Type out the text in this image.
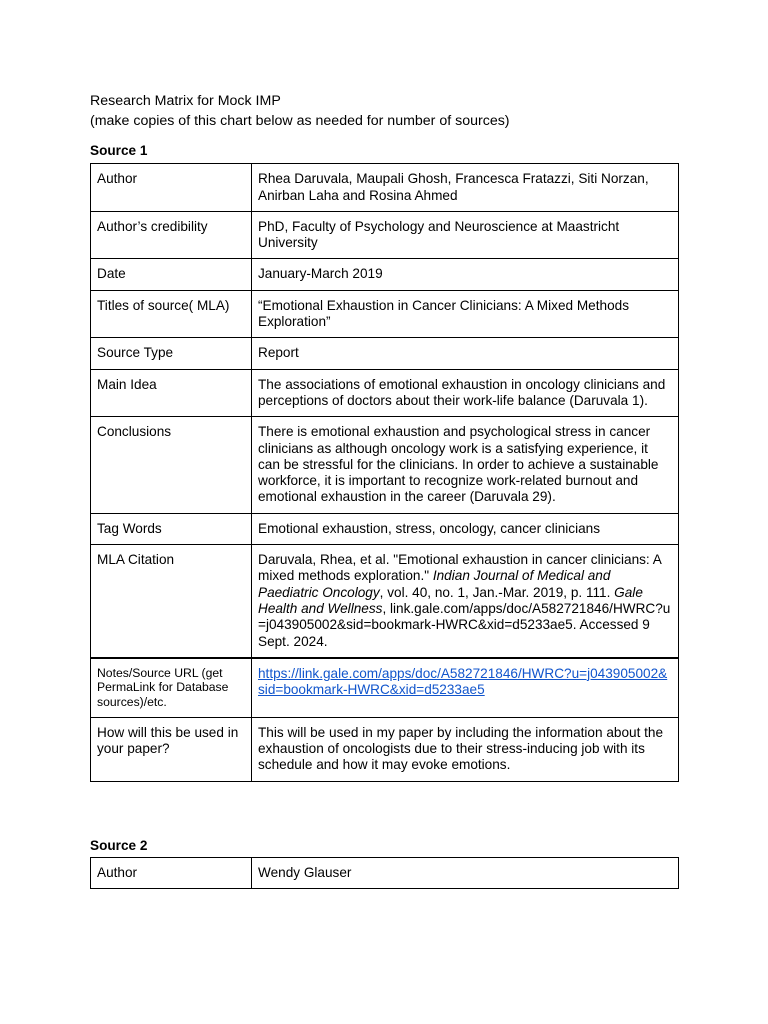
Research Matrix for Mock IMP

(make copies of this chart below as needed for number of sources)

Source 1

Author	Rhea Daruvala, Maupali Ghosh, Francesca Fratazzi, Siti Norzan, Anirban Laha and Rosina Ahmed
Author’s credibility	PhD, Faculty of Psychology and Neuroscience at Maastricht University
Date	January-March 2019
Titles of source( MLA)	“Emotional Exhaustion in Cancer Clinicians: A Mixed Methods Exploration”
Source Type	Report
Main Idea	The associations of emotional exhaustion in oncology clinicians and perceptions of doctors about their work-life balance (Daruvala 1).
Conclusions	There is emotional exhaustion and psychological stress in cancer clinicians as although oncology work is a satisfying experience, it can be stressful for the clinicians. In order to achieve a sustainable workforce, it is important to recognize work-related burnout and emotional exhaustion in the career (Daruvala 29).
Tag Words	Emotional exhaustion, stress, oncology, cancer clinicians
MLA Citation	Daruvala, Rhea, et al. "Emotional exhaustion in cancer clinicians: A mixed methods exploration." Indian Journal of Medical and Paediatric Oncology, vol. 40, no. 1, Jan.-Mar. 2019, p. 111. Gale Health and Wellness, link.gale.com/apps/doc/A582721846/HWRC?u=j043905002&sid=bookmark-HWRC&xid=d5233ae5. Accessed 9 Sept. 2024.
Notes/Source URL (get PermaLink for Database sources)/etc.	https://link.gale.com/apps/doc/A582721846/HWRC?u=j043905002&sid=bookmark-HWRC&xid=d5233ae5
How will this be used in your paper?	This will be used in my paper by including the information about the exhaustion of oncologists due to their stress-inducing job with its schedule and how it may evoke emotions.

Source 2

Author	Wendy Glauser
